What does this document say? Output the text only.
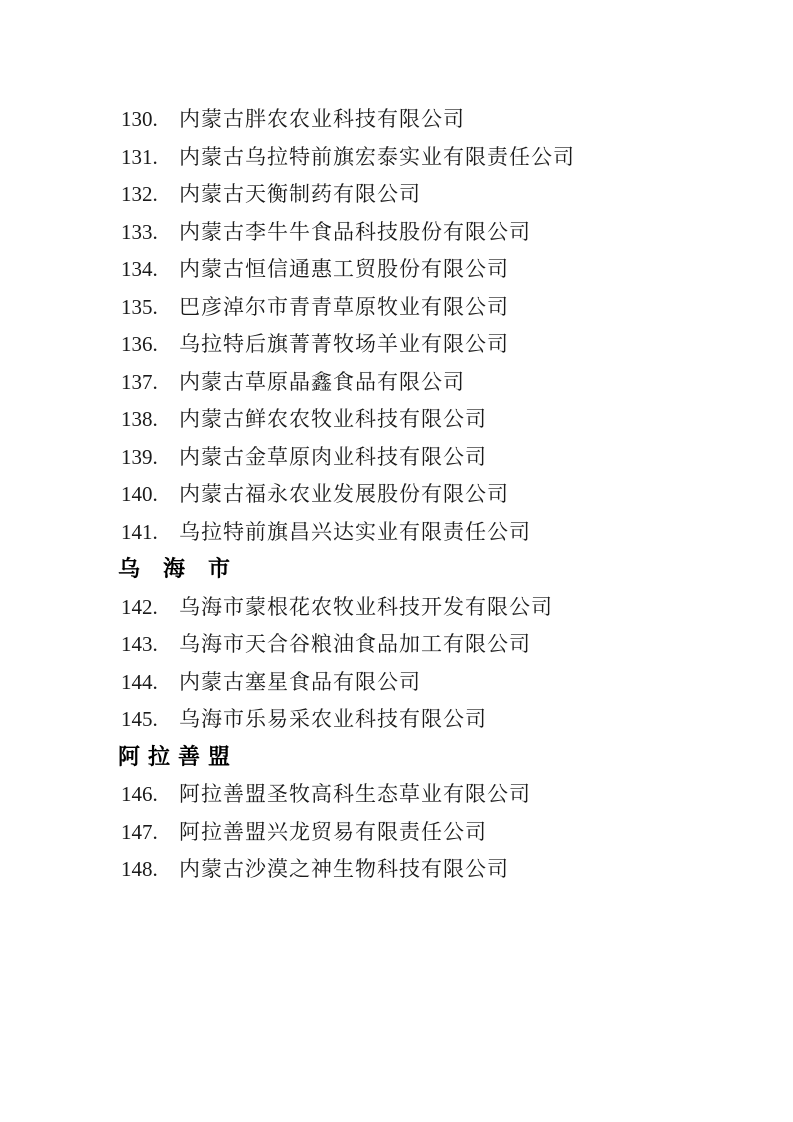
130. 内蒙古胖农农业科技有限公司
131. 内蒙古乌拉特前旗宏泰实业有限责任公司
132. 内蒙古天衡制药有限公司
133. 内蒙古李牛牛食品科技股份有限公司
134. 内蒙古恒信通惠工贸股份有限公司
135. 巴彦淖尔市青青草原牧业有限公司
136. 乌拉特后旗菁菁牧场羊业有限公司
137. 内蒙古草原晶鑫食品有限公司
138. 内蒙古鲜农农牧业科技有限公司
139. 内蒙古金草原肉业科技有限公司
140. 内蒙古福永农业发展股份有限公司
141. 乌拉特前旗昌兴达实业有限责任公司
乌 海 市
142. 乌海市蒙根花农牧业科技开发有限公司
143. 乌海市天合谷粮油食品加工有限公司
144. 内蒙古塞星食品有限公司
145. 乌海市乐易采农业科技有限公司
阿 拉 善 盟
146. 阿拉善盟圣牧高科生态草业有限公司
147. 阿拉善盟兴龙贸易有限责任公司
148. 内蒙古沙漠之神生物科技有限公司
